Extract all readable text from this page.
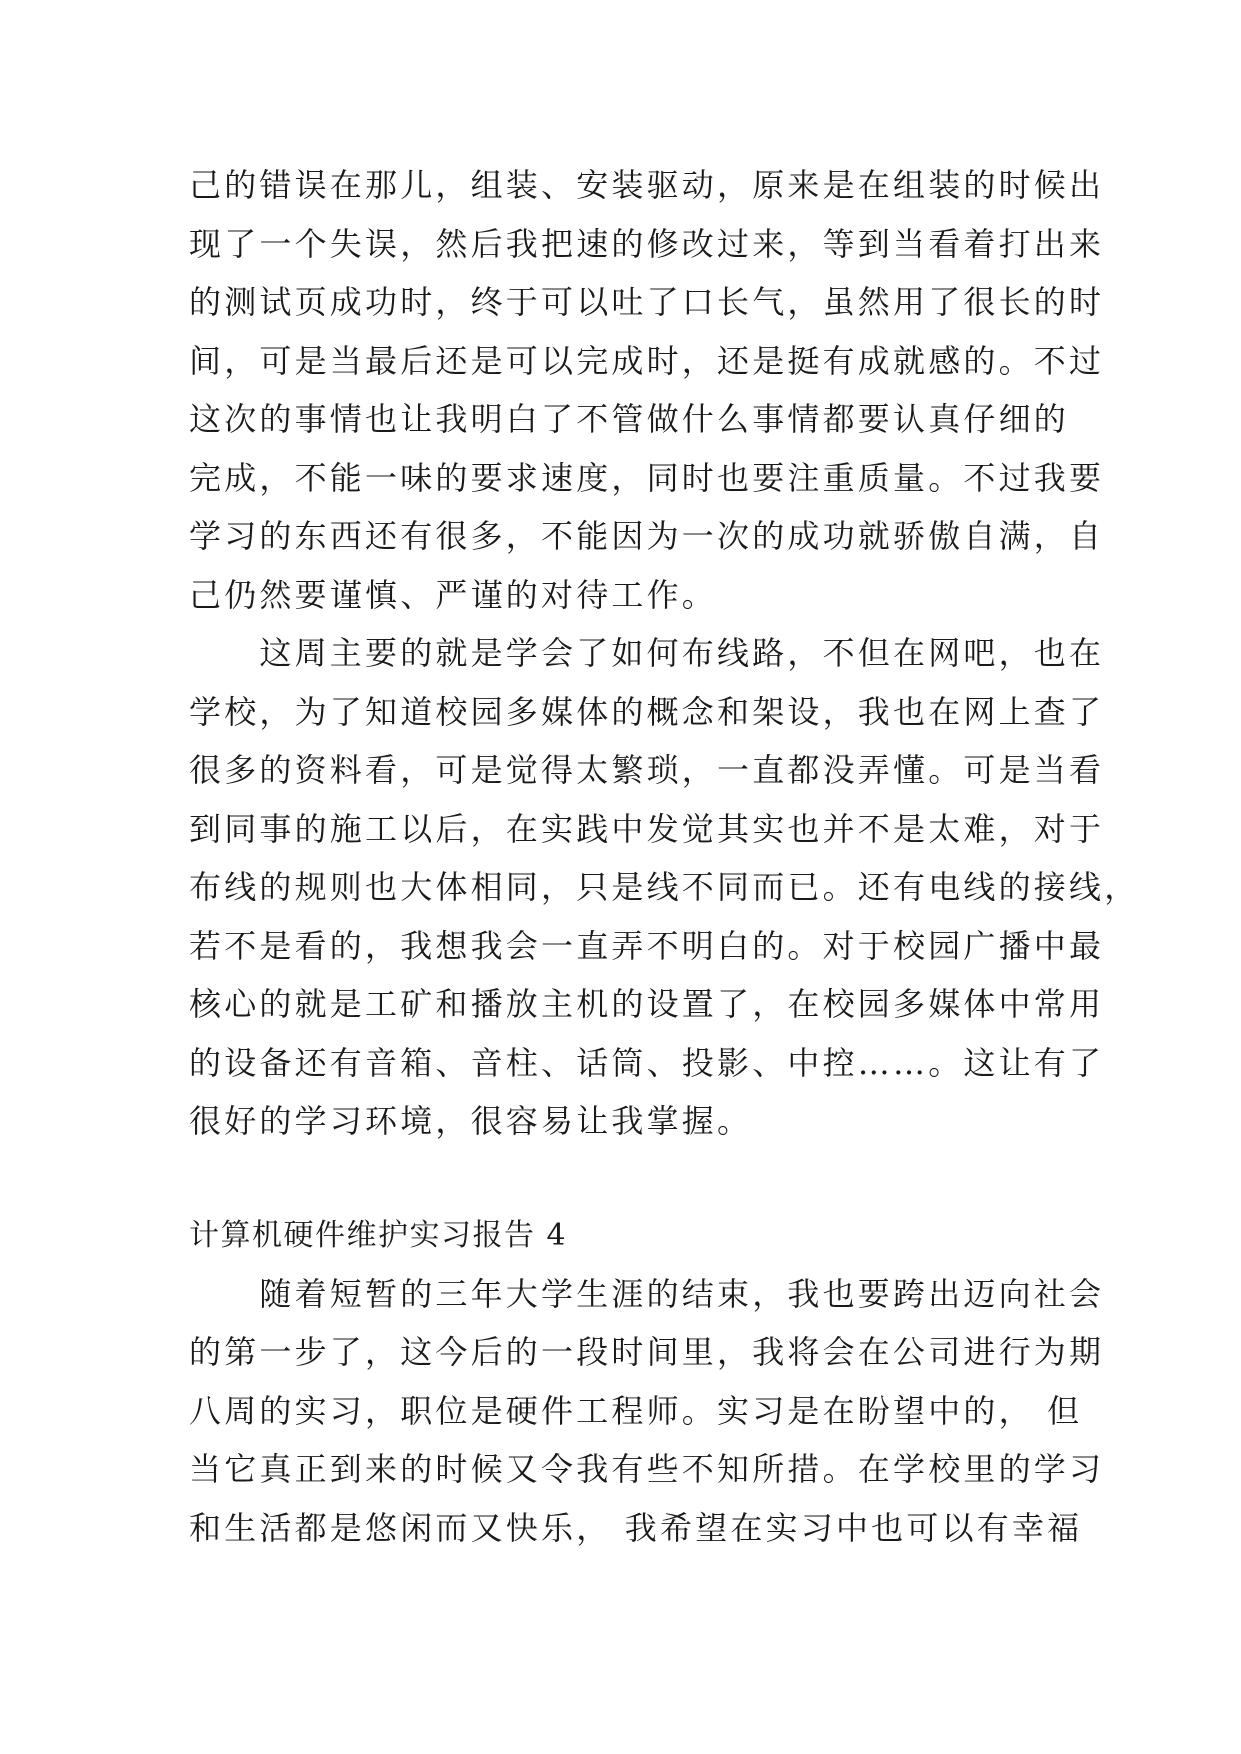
己的错误在那儿，组装、安装驱动，原来是在组装的时候出
现了一个失误，然后我把速的修改过来，等到当看着打出来
的测试页成功时，终于可以吐了口长气，虽然用了很长的时
间，可是当最后还是可以完成时，还是挺有成就感的。不过
这次的事情也让我明白了不管做什么事情都要认真仔细的
完成，不能一味的要求速度，同时也要注重质量。不过我要
学习的东西还有很多，不能因为一次的成功就骄傲自满，自
己仍然要谨慎、严谨的对待工作。
　　这周主要的就是学会了如何布线路，不但在网吧，也在
学校，为了知道校园多媒体的概念和架设，我也在网上查了
很多的资料看，可是觉得太繁琐，一直都没弄懂。可是当看
到同事的施工以后，在实践中发觉其实也并不是太难，对于
布线的规则也大体相同，只是线不同而已。还有电线的接线，
若不是看的，我想我会一直弄不明白的。对于校园广播中最
核心的就是工矿和播放主机的设置了，在校园多媒体中常用
的设备还有音箱、音柱、话筒、投影、中控……。这让有了
很好的学习环境，很容易让我掌握。
计算机硬件维护实习报告 4
　　随着短暂的三年大学生涯的结束，我也要跨出迈向社会
的第一步了，这今后的一段时间里，我将会在公司进行为期
八周的实习，职位是硬件工程师。实习是在盼望中的， 但
当它真正到来的时候又令我有些不知所措。在学校里的学习
和生活都是悠闲而又快乐， 我希望在实习中也可以有幸福
